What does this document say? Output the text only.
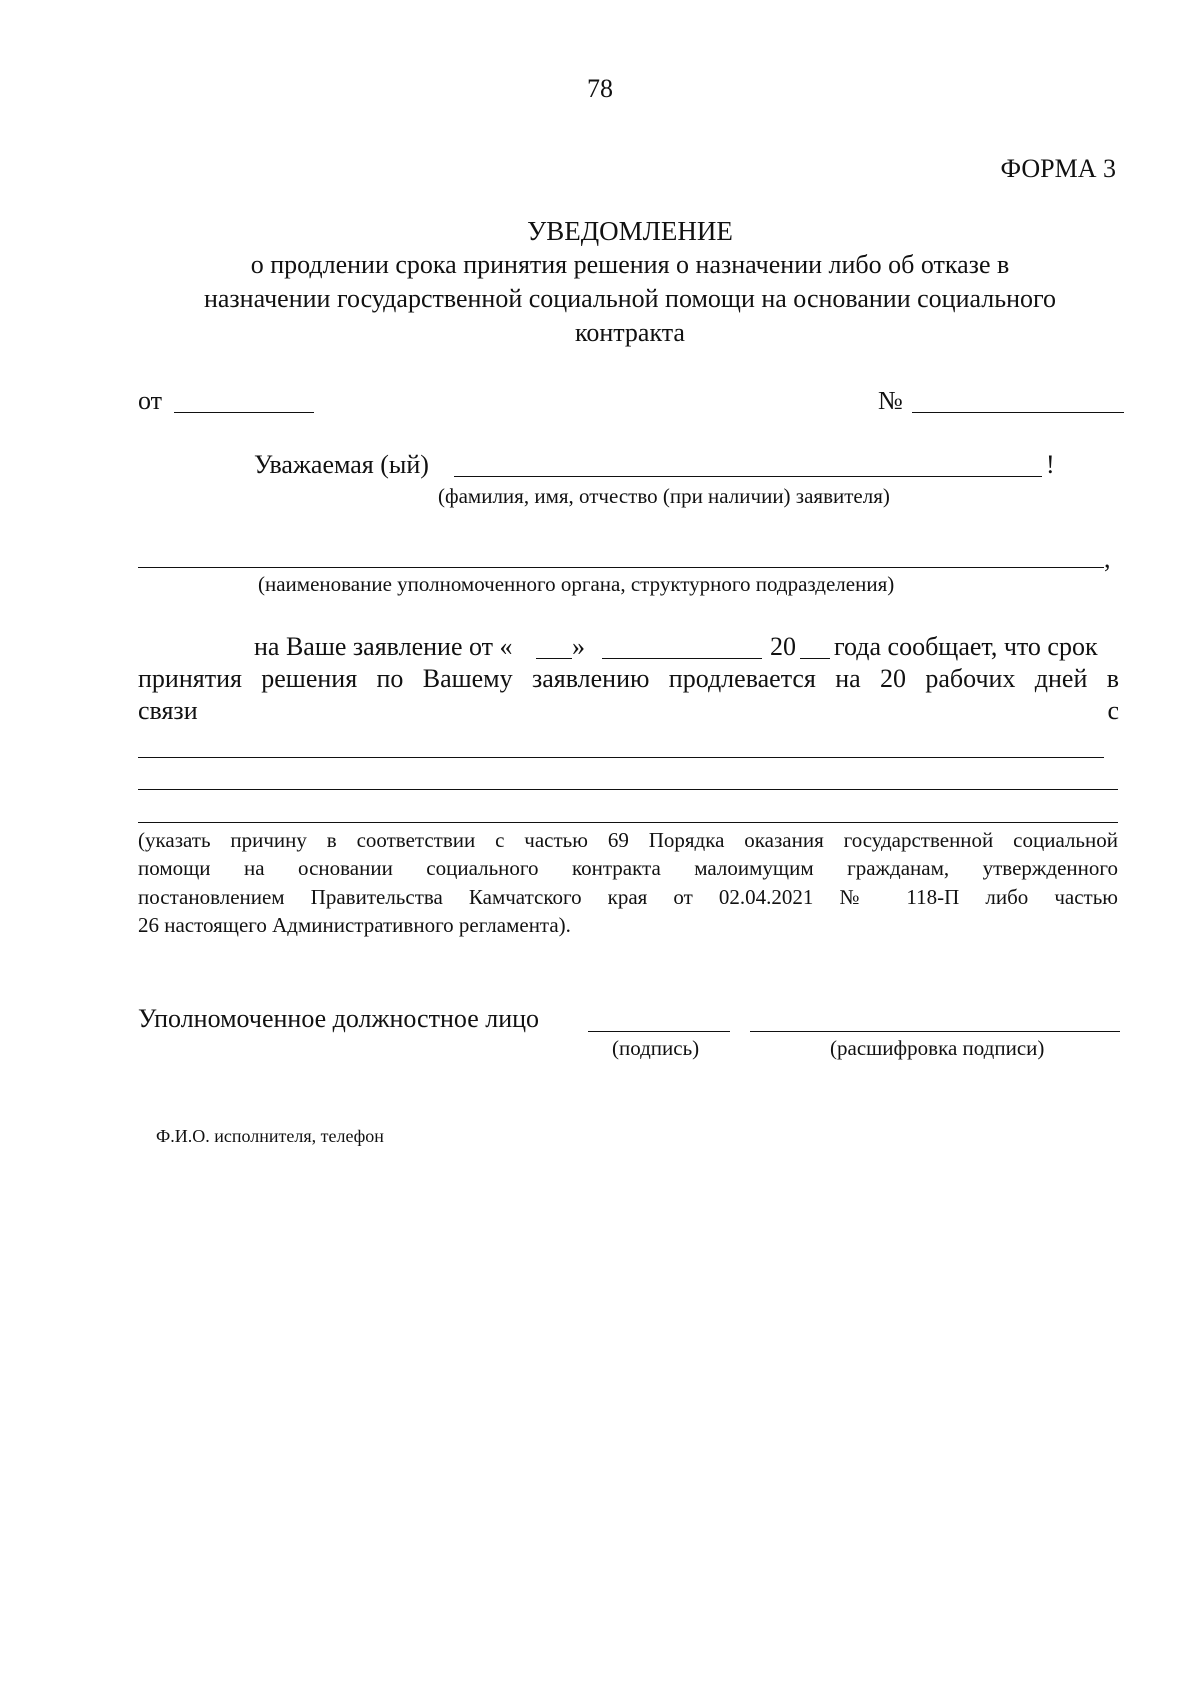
78
ФОРМА 3
УВЕДОМЛЕНИЕ
о продлении срока принятия решения о назначении либо об отказе в
назначении государственной социальной помощи на основании социального
контракта
от	№
Уважаемая (ый)	!
(фамилия, имя, отчество (при наличии) заявителя)
,
(наименование уполномоченного органа, структурного подразделения)
на Ваше заявление от « »	20 года сообщает, что срок
принятия решения по Вашему заявлению продлевается на 20 рабочих дней в
связи	с
(указать причину в соответствии с частью 69 Порядка оказания государственной социальной
помощи на основании социального контракта малоимущим гражданам, утвержденного
постановлением Правительства Камчатского края от 02.04.2021 № 118-П либо частью
26 настоящего Административного регламента).
Уполномоченное должностное лицо
(подпись)	(расшифровка подписи)
Ф.И.О. исполнителя, телефон
